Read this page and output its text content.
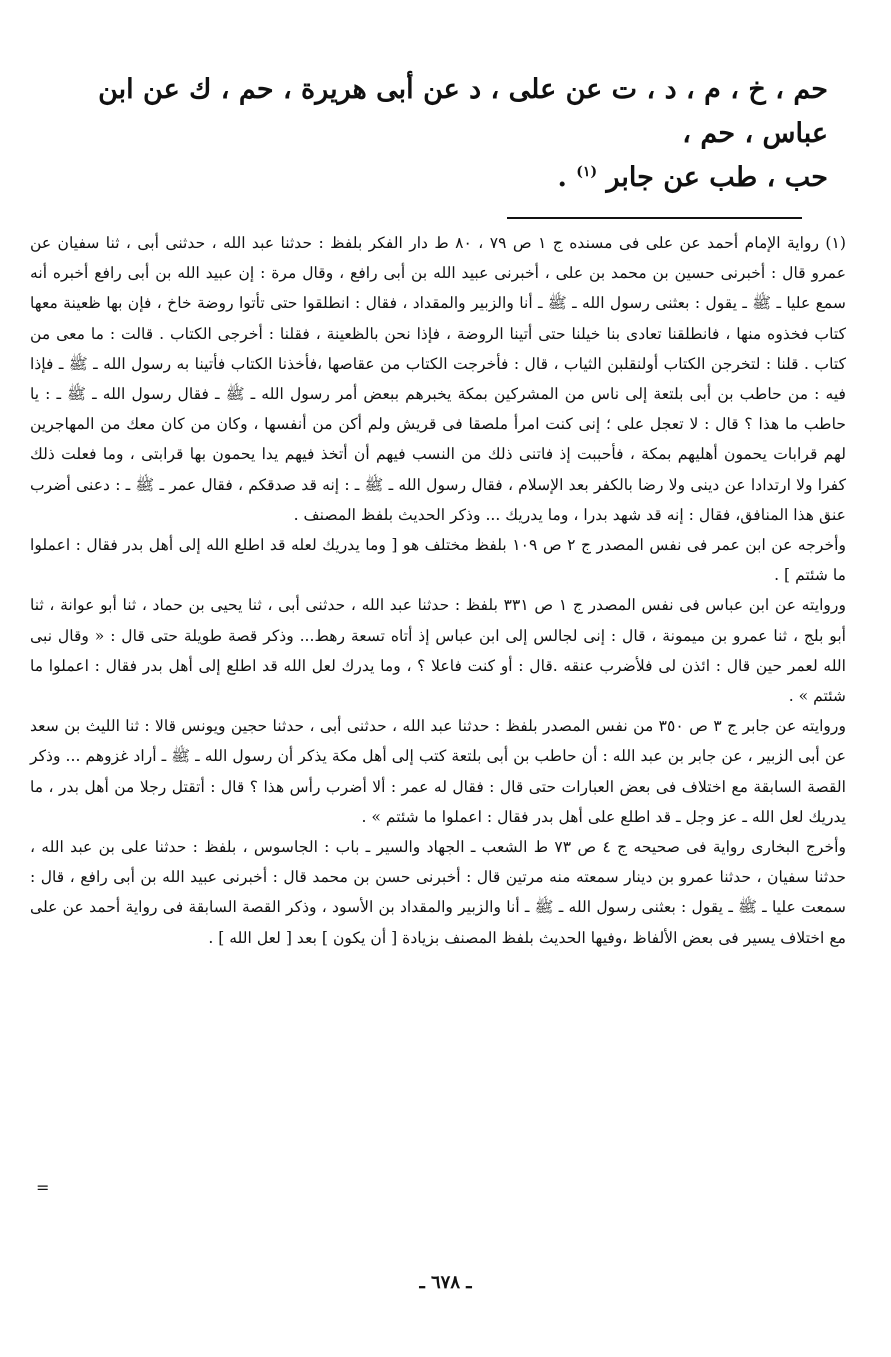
حم ، خ ، م ، د ، ت عن على ، د عن أبى هريرة ، حم ، ك عن ابن عباس ، حم ،

حب ، طب عن جابر $^{(١)}$ .

(١) رواية الإمام أحمد عن على فى مسنده ج ١ ص ٧٩ ، ٨٠ ط دار الفكر بلفظ : حدثنا عبد الله ، حدثنى أبى ، ثنا سفيان عن عمرو قال : أخبرنى حسين بن محمد بن على ، أخبرنى عبيد الله بن أبى رافع ، وقال مرة : إن عبيد الله بن أبى رافع أخبره أنه سمع عليا ـ ﷺ ـ يقول : بعثنى رسول الله ـ ﷺ ـ أنا والزبير والمقداد ، فقال : انطلقوا حتى تأتوا روضة خاخ ، فإن بها ظعينة معها كتاب فخذوه منها ، فانطلقنا تعادى بنا خيلنا حتى أتينا الروضة ، فإذا نحن بالظعينة ، فقلنا : أخرجى الكتاب . قالت : ما معى من كتاب . قلنا : لتخرجن الكتاب أولنقلبن الثياب ، قال : فأخرجت الكتاب من عقاصها ،فأخذنا الكتاب فأتينا به رسول الله ـ ﷺ ـ فإذا فيه : من حاطب بن أبى بلتعة إلى ناس من المشركين بمكة يخبرهم ببعض أمر رسول الله ـ ﷺ ـ فقال رسول الله ـ ﷺ ـ : يا حاطب ما هذا ؟ قال : لا تعجل على ؛ إنى كنت امرأ ملصقا فى قريش ولم أكن من أنفسها ، وكان من كان معك من المهاجرين لهم قرابات يحمون أهليهم بمكة ، فأحببت إذ فاتنى ذلك من النسب فيهم أن أتخذ فيهم يدا يحمون بها قرابتى ، وما فعلت ذلك كفرا ولا ارتدادا عن دينى ولا رضا بالكفر بعد الإسلام ، فقال رسول الله ـ ﷺ ـ : إنه قد صدقكم ، فقال عمر ـ ﷺ ـ : دعنى أضرب عنق هذا المنافق، فقال : إنه قد شهد بدرا ، وما يدريك ... وذكر الحديث بلفظ المصنف .

وأخرجه عن ابن عمر فى نفس المصدر ج ٢ ص ١٠٩ بلفظ مختلف هو [ وما يدريك لعله قد اطلع الله إلى أهل بدر فقال : اعملوا ما شئتم ] .

وروايته عن ابن عباس فى نفس المصدر ج ١ ص ٣٣١ بلفظ : حدثنا عبد الله ، حدثنى أبى ، ثنا يحيى بن حماد ، ثنا أبو عوانة ، ثنا أبو بلج ، ثنا عمرو بن ميمونة ، قال : إنى لجالس إلى ابن عباس إذ أتاه تسعة رهط... وذكر قصة طويلة حتى قال : « وقال نبى الله لعمر حين قال : ائذن لى فلأضرب عنقه .قال : أو كنت فاعلا ؟ ، وما يدرك لعل الله قد اطلع إلى أهل بدر فقال : اعملوا ما شئتم » .

وروايته عن جابر ج ٣ ص ٣٥٠ من نفس المصدر بلفظ : حدثنا عبد الله ، حدثنى أبى ، حدثنا حجين ويونس قالا : ثنا الليث بن سعد عن أبى الزبير ، عن جابر بن عبد الله : أن حاطب بن أبى بلتعة كتب إلى أهل مكة يذكر أن رسول الله ـ ﷺ ـ أراد غزوهم ... وذكر القصة السابقة مع اختلاف فى بعض العبارات حتى قال : فقال له عمر : ألا أضرب رأس هذا ؟ قال : أتقتل رجلا من أهل بدر ، ما يدريك لعل الله ـ عز وجل ـ قد اطلع على أهل بدر فقال : اعملوا ما شئتم » .

وأخرج البخارى رواية فى صحيحه ج ٤ ص ٧٣ ط الشعب ـ الجهاد والسير ـ باب : الجاسوس ، بلفظ : حدثنا على بن عبد الله ، حدثنا سفيان ، حدثنا عمرو بن دينار سمعته منه مرتين قال : أخبرنى حسن بن محمد قال : أخبرنى عبيد الله بن أبى رافع ، قال : سمعت عليا ـ ﷺ ـ يقول : بعثنى رسول الله ـ ﷺ ـ أنا والزبير والمقداد بن الأسود ، وذكر القصة السابقة فى رواية أحمد عن على مع اختلاف يسير فى بعض الألفاظ ،وفيها الحديث بلفظ المصنف بزيادة [ أن يكون ] بعد [ لعل الله ] .

=
ـ ٦٧٨ ـ
